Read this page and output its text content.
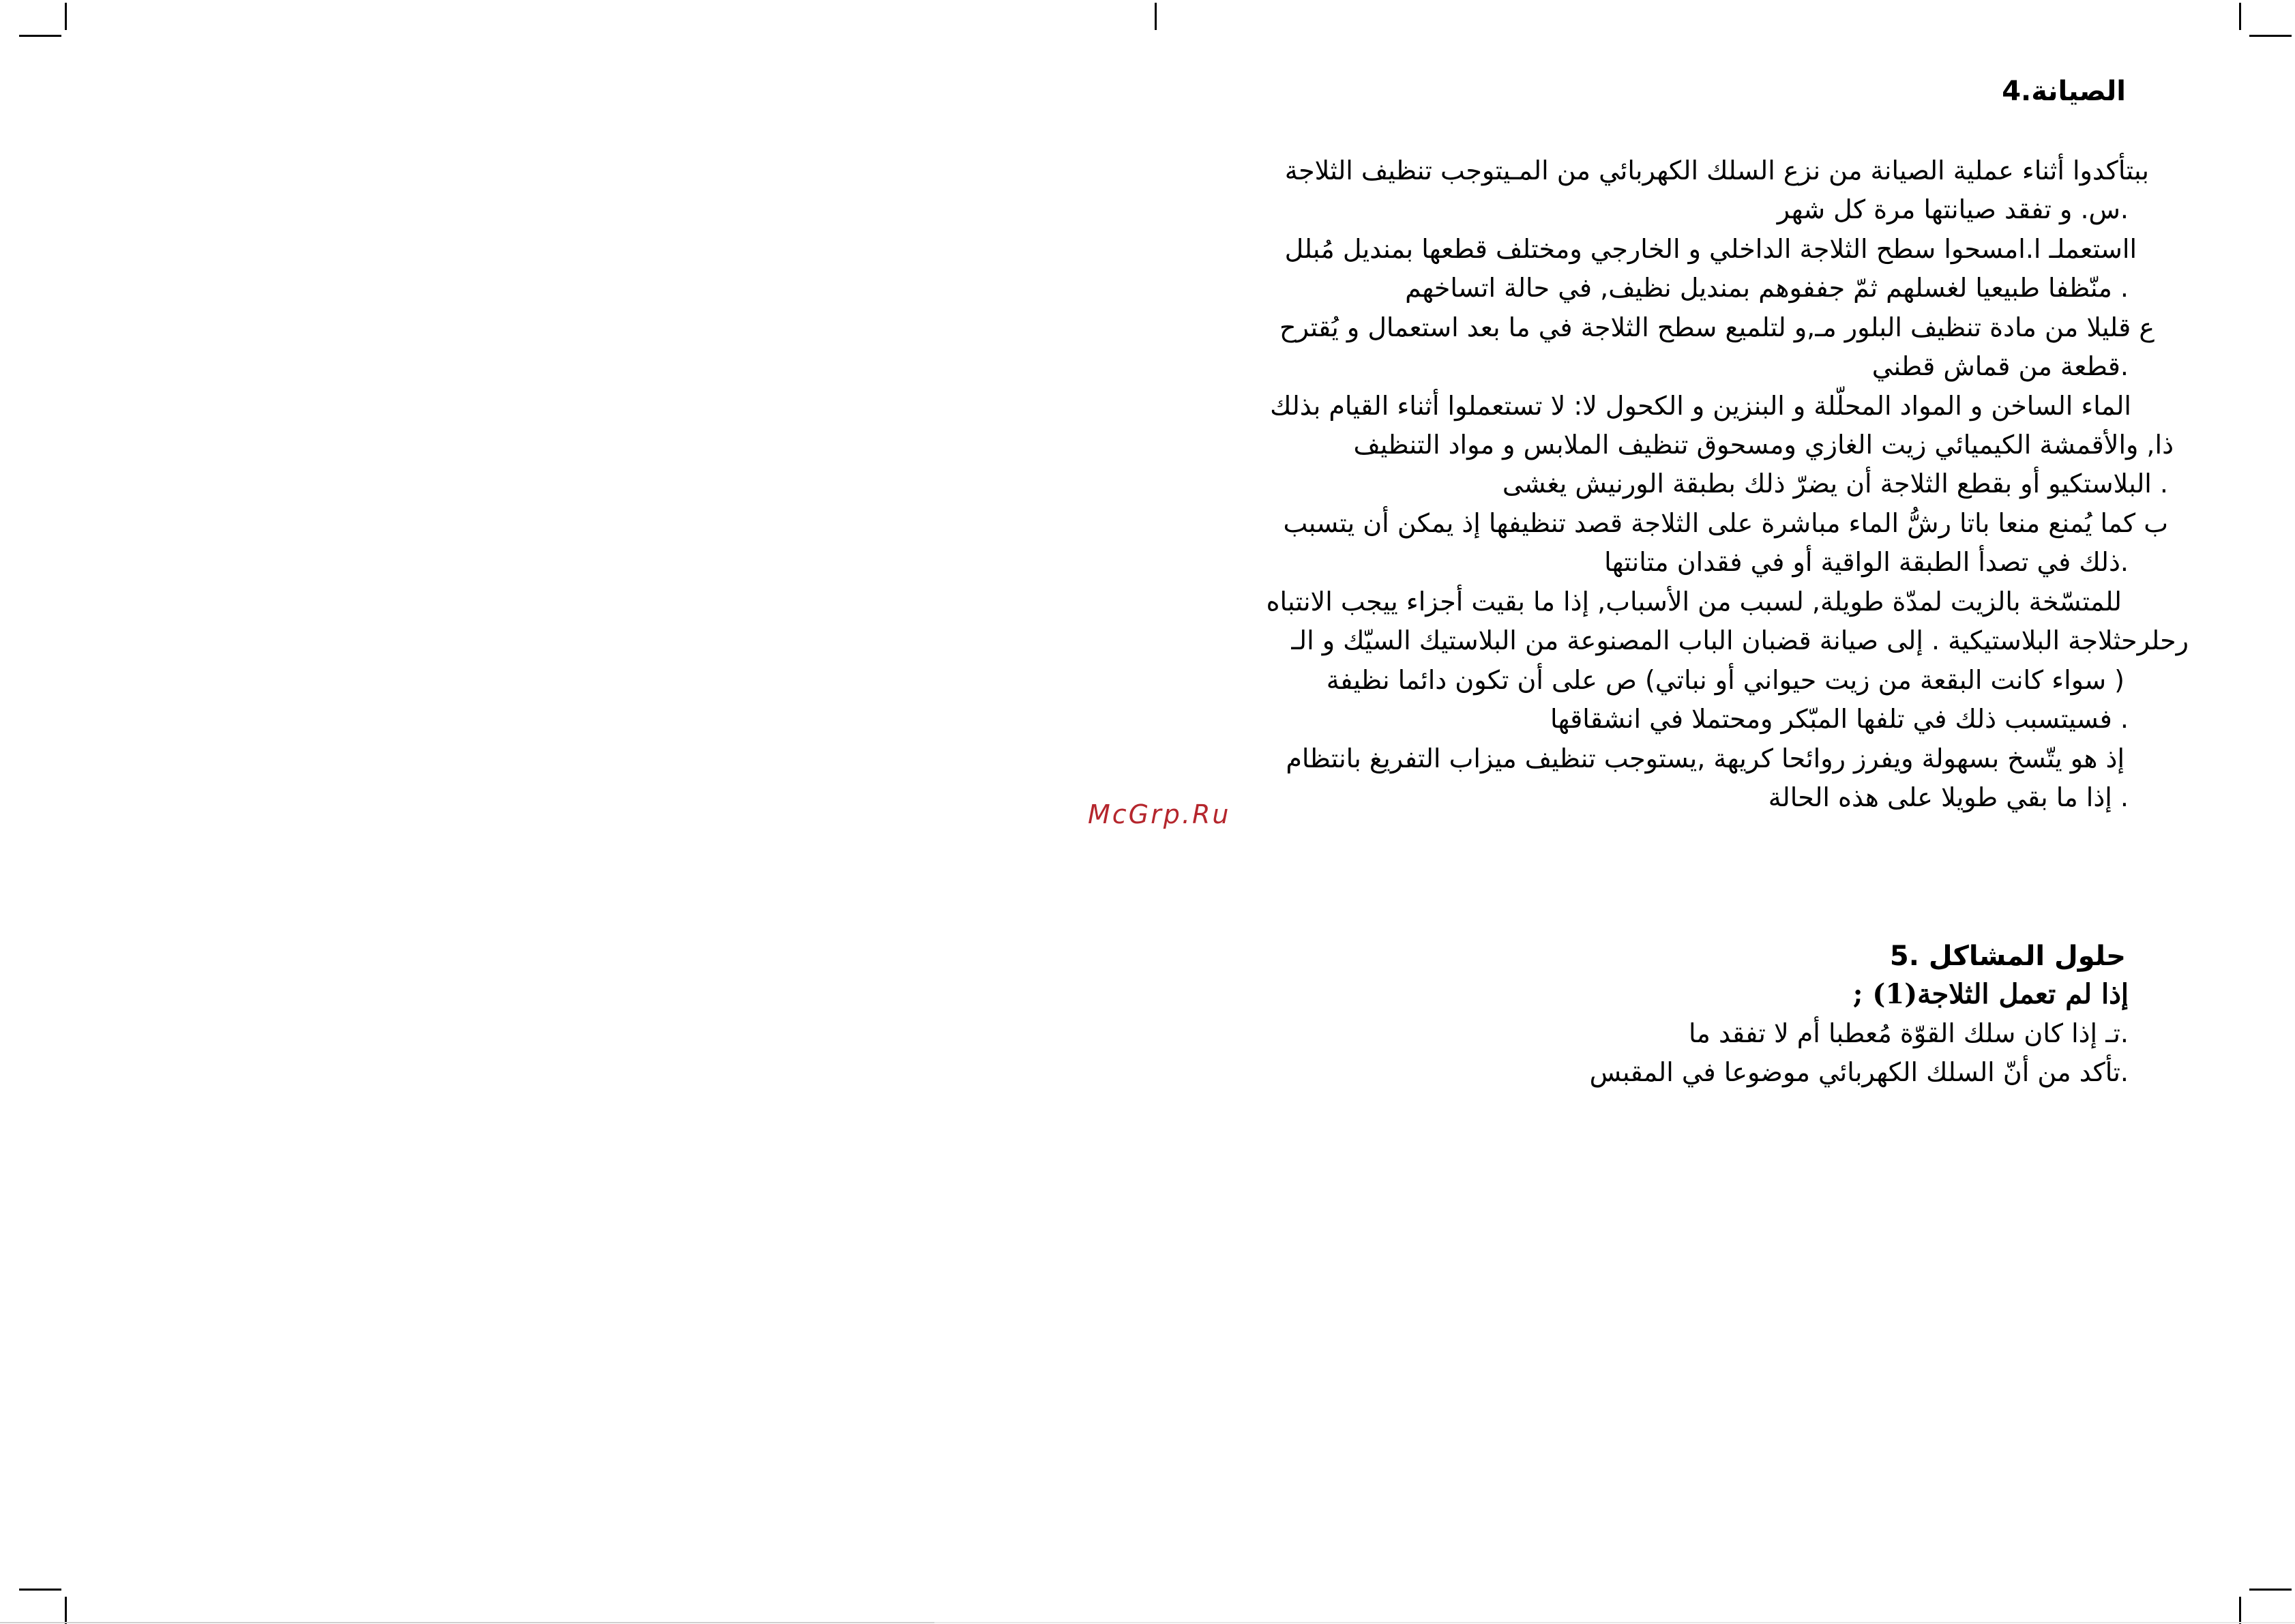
الصيانة.4
ببتأكدوا أثناء عملية الصيانة من نزع السلك الكهربائي من المـيتوجب تنظيف الثلاجة
.س. و تفقد صيانتها مرة كل شهر
ااستعملـ ا.امسحوا سطح الثلاجة الداخلي و الخارجي ومختلف قطعها بمنديل مُبلل
. منّظفا طبيعيا لغسلهم ثمّ جففوهم بمنديل نظيف, في حالة اتساخهم
ع قليلا من مادة تنظيف البلور مـ,و لتلميع سطح الثلاجة في ما بعد استعمال و يُقترح
.قطعة من قماش قطني
الماء الساخن و المواد المحلّلة و البنزين و الكحول لا: لا تستعملوا أثناء القيام بذلك
ذا, والأقمشة الكيميائي زيت الغازي ومسحوق تنظيف الملابس و مواد التنظيف
. البلاستكيو أو بقطع الثلاجة أن يضرّ ذلك بطبقة الورنيش يغشى
ب كما يُمنع منعا باتا رشُّ الماء مباشرة على الثلاجة قصد تنظيفها إذ يمكن أن يتسبب
.ذلك في تصدأ الطبقة الواقية أو في فقدان متانتها
للمتسّخة بالزيت لمدّة طويلة, لسبب من الأسباب, إذا ما بقيت أجزاء ييجب الانتباه
رحلرحثلاجة البلاستيكية . إلى صيانة قضبان الباب المصنوعة من البلاستيك السيّك و الـ
( سواء كانت البقعة من زيت حيواني أو نباتي) ص على أن تكون دائما نظيفة
. فسيتسبب ذلك في تلفها المبّكر ومحتملا في انشقاقها
إذ هو يتّسخ بسهولة ويفرز روائحا كريهة ,يستوجب تنظيف ميزاب التفريغ بانتظام
. إذا ما بقي طويلا على هذه الحالة
McGrp.Ru
حلول المشاكل .5
إذا لم تعمل الثلاجة(1) ;
.تـ إذا كان سلك القوّة مُعطبا أم لا تفقد ما
.تأكد من أنّ السلك الكهربائي موضوعا في المقبس
